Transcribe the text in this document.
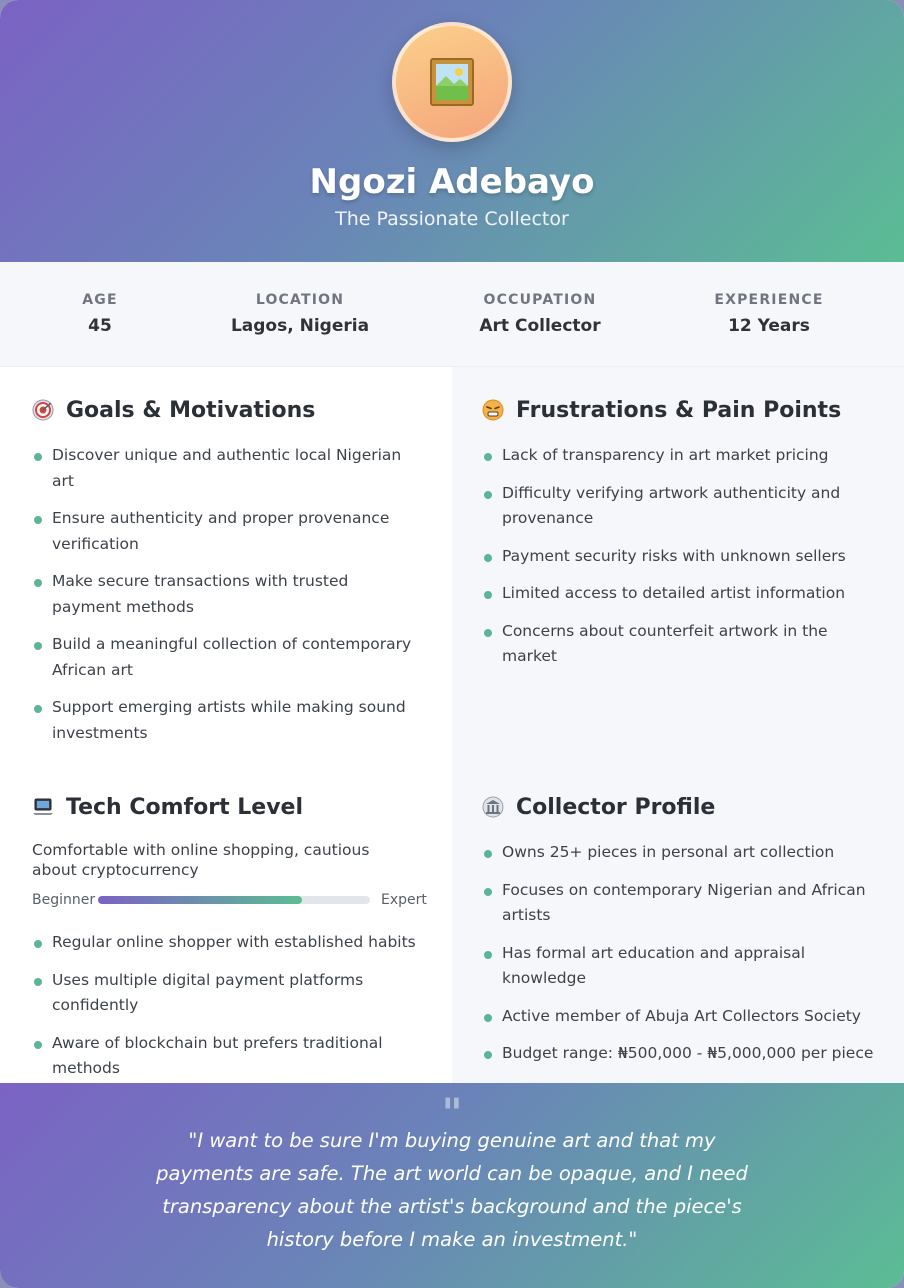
Ngozi Adebayo
The Passionate Collector
AGE
45
LOCATION
Lagos, Nigeria
OCCUPATION
Art Collector
EXPERIENCE
12 Years
Goals & Motivations
Discover unique and authentic local Nigerian art
Ensure authenticity and proper provenance verification
Make secure transactions with trusted payment methods
Build a meaningful collection of contemporary African art
Support emerging artists while making sound investments
Frustrations & Pain Points
Lack of transparency in art market pricing
Difficulty verifying artwork authenticity and provenance
Payment security risks with unknown sellers
Limited access to detailed artist information
Concerns about counterfeit artwork in the market
Tech Comfort Level
Comfortable with online shopping, cautious about cryptocurrency
Beginner	Expert
Regular online shopper with established habits
Uses multiple digital payment platforms confidently
Aware of blockchain but prefers traditional methods
Collector Profile
Owns 25+ pieces in personal art collection
Focuses on contemporary Nigerian and African artists
Has formal art education and appraisal knowledge
Active member of Abuja Art Collectors Society
Budget range: ₦500,000 - ₦5,000,000 per piece
"
"I want to be sure I'm buying genuine art and that my payments are safe. The art world can be opaque, and I need transparency about the artist's background and the piece's history before I make an investment."
